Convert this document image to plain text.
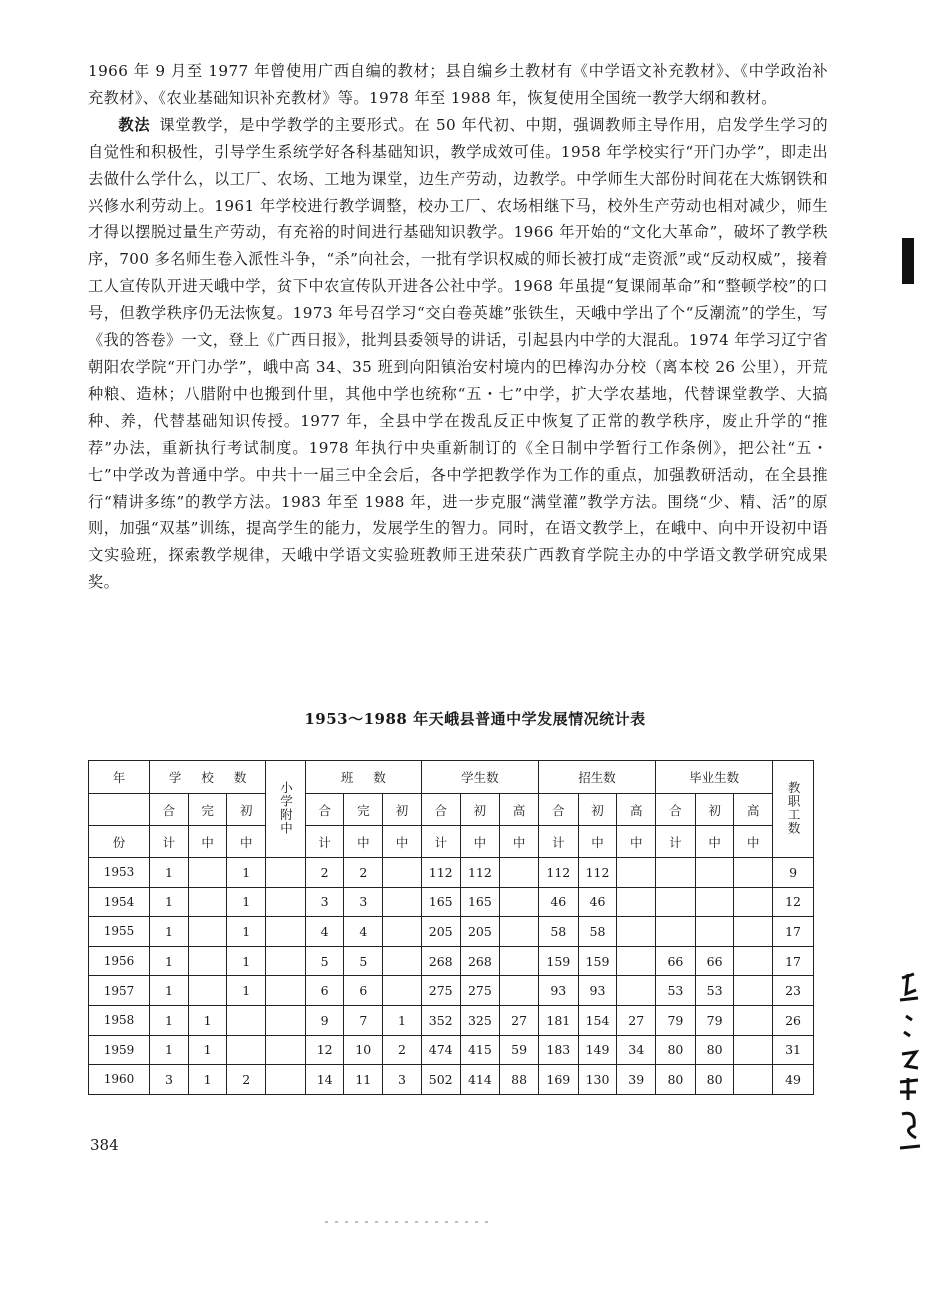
1966 年 9 月至 1977 年曾使用广西自编的教材；县自编乡土教材有《中学语文补充教材》、《中学政治补充教材》、《农业基础知识补充教材》等。1978 年至 1988 年，恢复使用全国统一教学大纲和教材。

教法 课堂教学，是中学教学的主要形式。在 50 年代初、中期，强调教师主导作用，启发学生学习的自觉性和积极性，引导学生系统学好各科基础知识，教学成效可佳。1958 年学校实行“开门办学”，即走出去做什么学什么，以工厂、农场、工地为课堂，边生产劳动，边教学。中学师生大部份时间花在大炼钢铁和兴修水利劳动上。1961 年学校进行教学调整，校办工厂、农场相继下马，校外生产劳动也相对减少，师生才得以摆脱过量生产劳动，有充裕的时间进行基础知识教学。1966 年开始的“文化大革命”，破坏了教学秩序，700 多名师生卷入派性斗争，“杀”向社会，一批有学识权威的师长被打成“走资派”或“反动权威”，接着工人宣传队开进天峨中学，贫下中农宣传队开进各公社中学。1968 年虽提“复课闹革命”和“整顿学校”的口号，但教学秩序仍无法恢复。1973 年号召学习“交白卷英雄”张铁生，天峨中学出了个“反潮流”的学生，写《我的答卷》一文，登上《广西日报》，批判县委领导的讲话，引起县内中学的大混乱。1974 年学习辽宁省朝阳农学院“开门办学”，峨中高 34、35 班到向阳镇治安村境内的巴棒沟办分校（离本校 26 公里），开荒种粮、造林；八腊附中也搬到什里，其他中学也统称“五・七”中学，扩大学农基地，代替课堂教学、大搞种、养，代替基础知识传授。1977 年，全县中学在拨乱反正中恢复了正常的教学秩序，废止升学的“推荐”办法，重新执行考试制度。1978 年执行中央重新制订的《全日制中学暂行工作条例》，把公社“五・七”中学改为普通中学。中共十一届三中全会后，各中学把教学作为工作的重点，加强教研活动，在全县推行“精讲多练”的教学方法。1983 年至 1988 年，进一步克服“满堂灌”教学方法。围绕“少、精、活”的原则，加强“双基”训练，提高学生的能力，发展学生的智力。同时，在语文教学上，在峨中、向中开设初中语文实验班，探索教学规律，天峨中学语文实验班教师王进荣获广西教育学院主办的中学语文教学研究成果奖。

1953～1988 年天峨县普通中学发展情况统计表
年	学 校 数			小学附中	班 数			学生数			招生数			毕业生数			教职工数
	合	完	初		合	完	初	合	初	高	合	初	高	合	初	高	
份	计	中	中		计	中	中	计	中	中	计	中	中	计	中	中	
1953	1		1		2	2		112	112		112	112					9
1954	1		1		3	3		165	165		46	46					12
1955	1		1		4	4		205	205		58	58					17
1956	1		1		5	5		268	268		159	159		66	66		17
1957	1		1		6	6		275	275		93	93		53	53		23
1958	1	1			9	7	1	352	325	27	181	154	27	79	79		26
1959	1	1			12	10	2	474	415	59	183	149	34	80	80		31
1960	3	1	2		14	11	3	502	414	88	169	130	39	80	80		49
384
